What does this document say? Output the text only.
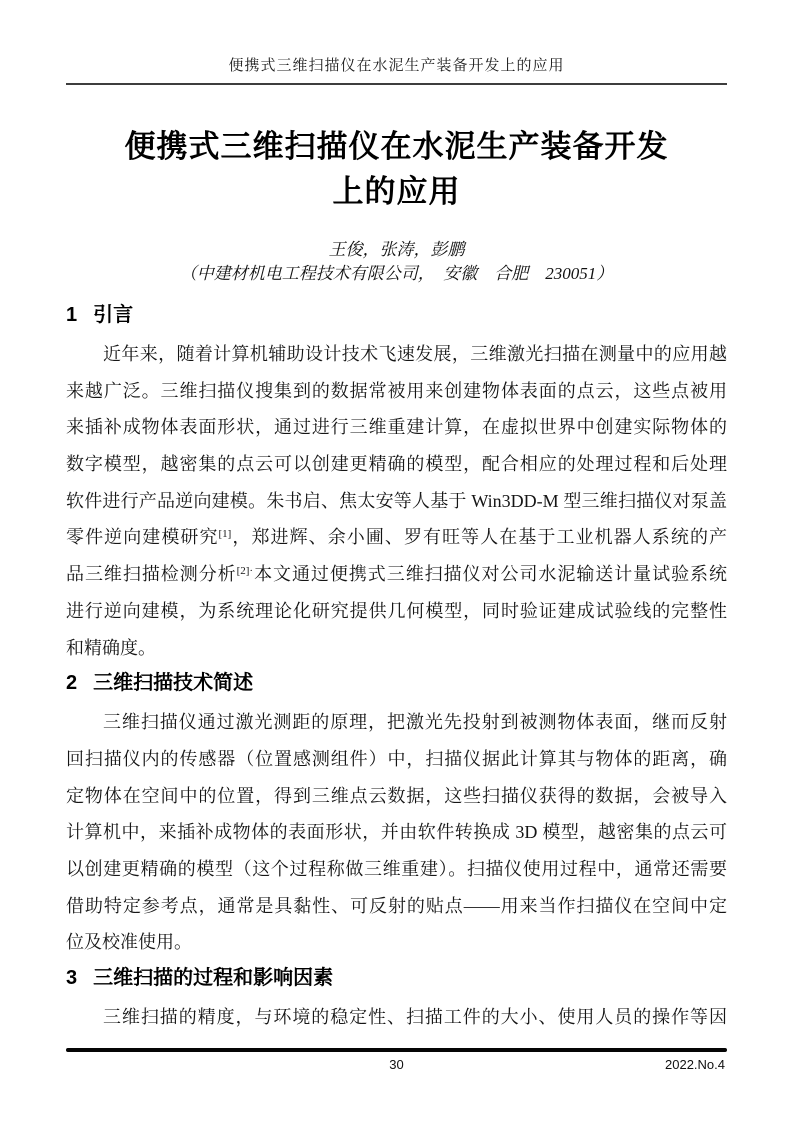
便携式三维扫描仪在水泥生产装备开发上的应用
便携式三维扫描仪在水泥生产装备开发
上的应用
王俊，张涛，彭鹏
（中建材机电工程技术有限公司，　安徽　合肥　230051）
1 引言
近年来，随着计算机辅助设计技术飞速发展，三维激光扫描在测量中的应用越
来越广泛。三维扫描仪搜集到的数据常被用来创建物体表面的点云，这些点被用
来插补成物体表面形状，通过进行三维重建计算，在虚拟世界中创建实际物体的
数字模型，越密集的点云可以创建更精确的模型，配合相应的处理过程和后处理
软件进行产品逆向建模。朱书启、焦太安等人基于 Win3DD-M 型三维扫描仪对泵盖
零件逆向建模研究[1]，郑进辉、余小圃、罗有旺等人在基于工业机器人系统的产
品三维扫描检测分析$^{[2]\cdot}$本文通过便携式三维扫描仪对公司水泥输送计量试验系统
进行逆向建模，为系统理论化研究提供几何模型，同时验证建成试验线的完整性
和精确度。
2 三维扫描技术简述
三维扫描仪通过激光测距的原理，把激光先投射到被测物体表面，继而反射
回扫描仪内的传感器（位置感测组件）中，扫描仪据此计算其与物体的距离，确
定物体在空间中的位置，得到三维点云数据，这些扫描仪获得的数据，会被导入
计算机中，来插补成物体的表面形状，并由软件转换成 3D 模型，越密集的点云可
以创建更精确的模型（这个过程称做三维重建）。扫描仪使用过程中，通常还需要
借助特定参考点，通常是具黏性、可反射的贴点——用来当作扫描仪在空间中定
位及校准使用。
3 三维扫描的过程和影响因素
三维扫描的精度，与环境的稳定性、扫描工件的大小、使用人员的操作等因
30	2022.No.4
